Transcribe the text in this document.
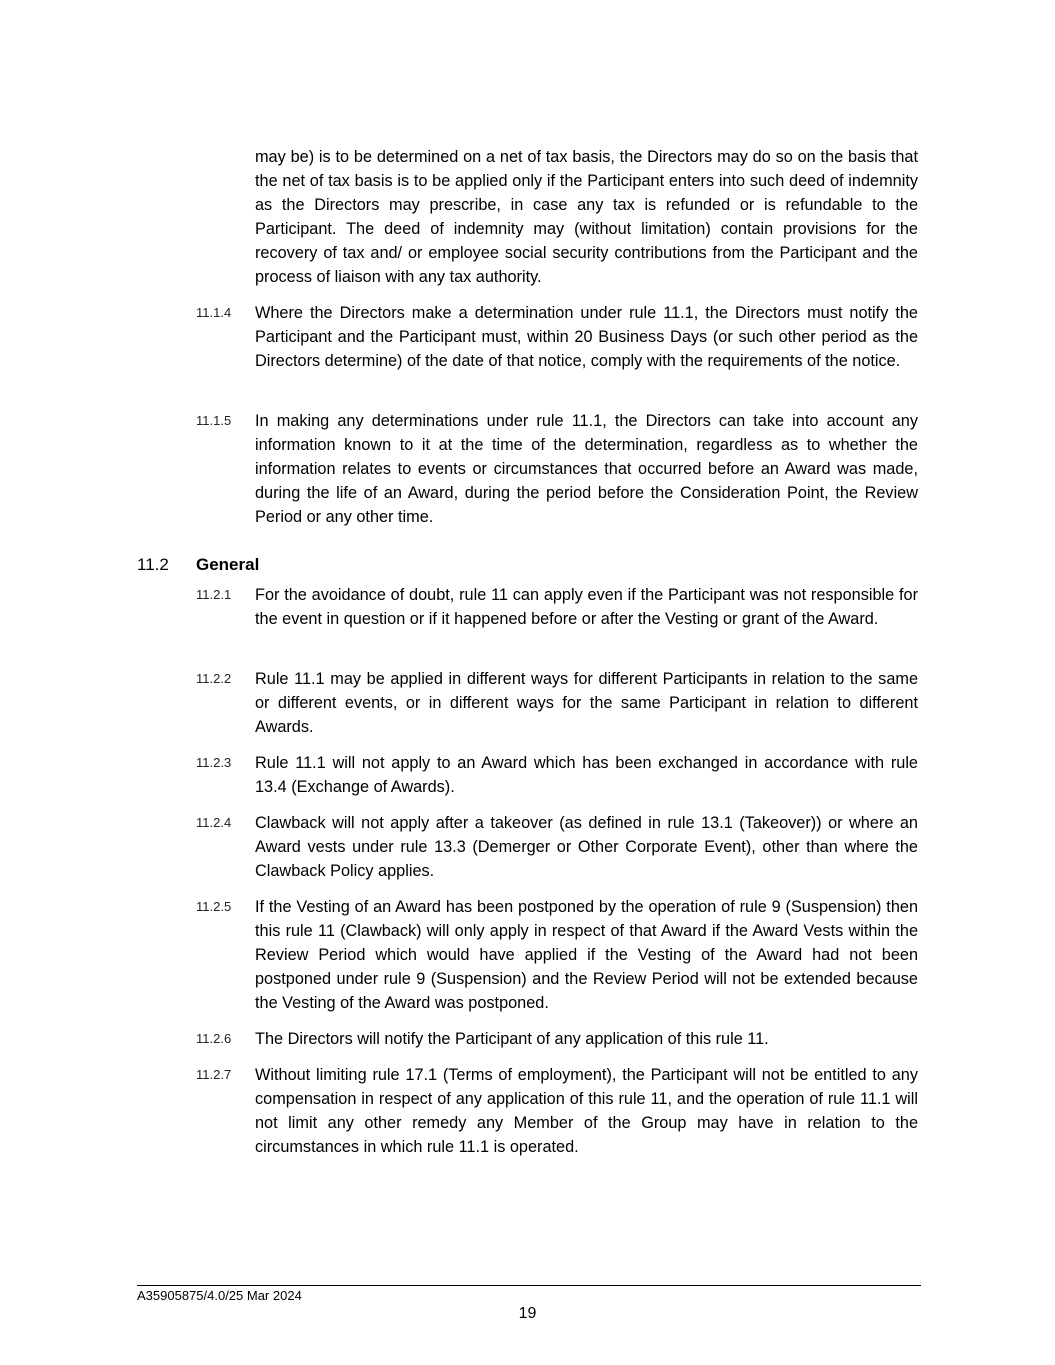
may be) is to be determined on a net of tax basis, the Directors may do so on the basis that the net of tax basis is to be applied only if the Participant enters into such deed of indemnity as the Directors may prescribe, in case any tax is refunded or is refundable to the Participant. The deed of indemnity may (without limitation) contain provisions for the recovery of tax and/ or employee social security contributions from the Participant and the process of liaison with any tax authority.

11.1.4 Where the Directors make a determination under rule 11.1, the Directors must notify the Participant and the Participant must, within 20 Business Days (or such other period as the Directors determine) of the date of that notice, comply with the requirements of the notice.

11.1.5 In making any determinations under rule 11.1, the Directors can take into account any information known to it at the time of the determination, regardless as to whether the information relates to events or circumstances that occurred before an Award was made, during the life of an Award, during the period before the Consideration Point, the Review Period or any other time.

11.2 General
11.2.1 For the avoidance of doubt, rule 11 can apply even if the Participant was not responsible for the event in question or if it happened before or after the Vesting or grant of the Award.

11.2.2 Rule 11.1 may be applied in different ways for different Participants in relation to the same or different events, or in different ways for the same Participant in relation to different Awards.

11.2.3 Rule 11.1 will not apply to an Award which has been exchanged in accordance with rule 13.4 (Exchange of Awards).

11.2.4 Clawback will not apply after a takeover (as defined in rule 13.1 (Takeover)) or where an Award vests under rule 13.3 (Demerger or Other Corporate Event), other than where the Clawback Policy applies.

11.2.5 If the Vesting of an Award has been postponed by the operation of rule 9 (Suspension) then this rule 11 (Clawback) will only apply in respect of that Award if the Award Vests within the Review Period which would have applied if the Vesting of the Award had not been postponed under rule 9 (Suspension) and the Review Period will not be extended because the Vesting of the Award was postponed.

11.2.6 The Directors will notify the Participant of any application of this rule 11.

11.2.7 Without limiting rule 17.1 (Terms of employment), the Participant will not be entitled to any compensation in respect of any application of this rule 11, and the operation of rule 11.1 will not limit any other remedy any Member of the Group may have in relation to the circumstances in which rule 11.1 is operated.

A35905875/4.0/25 Mar 2024
19
